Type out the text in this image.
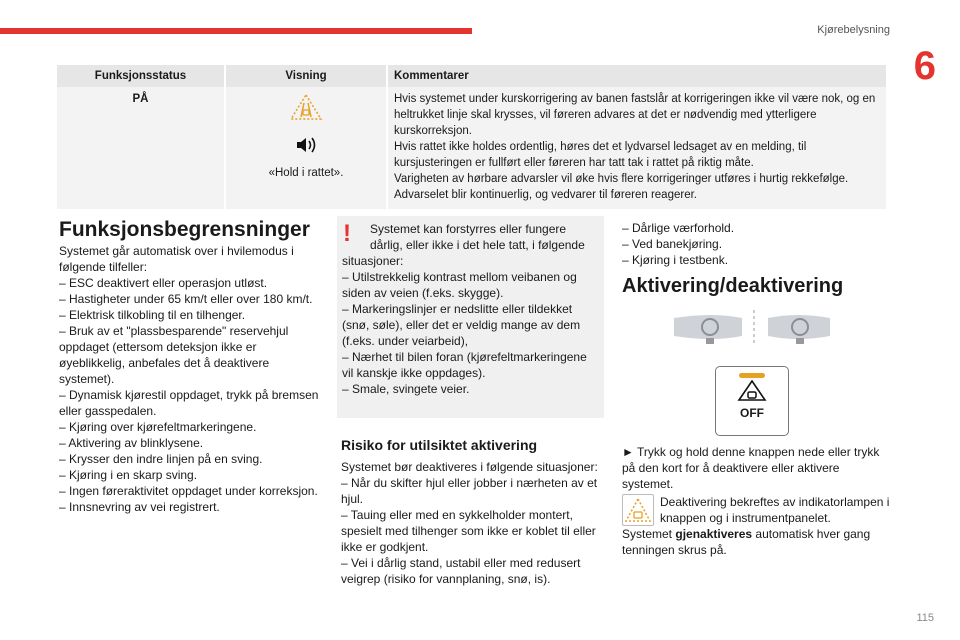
Kjørebelysning
6
115
Funksjonsstatus	Visning	Kommentarer
PÅ	«Hold i rattet».	Hvis systemet under kurskorrigering av banen fastslår at korrigeringen ikke vil være nok, og en heltrukket linje skal krysses, vil føreren advares at det er nødvendig med ytterligere kurskorreksjon.
Hvis rattet ikke holdes ordentlig, høres det et lydvarsel ledsaget av en melding, til kursjusteringen er fullført eller føreren har tatt tak i rattet på riktig måte.
Varigheten av hørbare advarsler vil øke hvis flere korrigeringer utføres i hurtig rekkefølge.
Advarselet blir kontinuerlig, og vedvarer til føreren reagerer.
Funksjonsbegrensninger

Systemet går automatisk over i hvilemodus i følgende tilfeller:
– ESC deaktivert eller operasjon utløst.
– Hastigheter under 65 km/t eller over 180 km/t.
– Elektrisk tilkobling til en tilhenger.
– Bruk av et "plassbesparende" reservehjul oppdaget (ettersom deteksjon ikke er øyeblikkelig, anbefales det å deaktivere systemet).
– Dynamisk kjørestil oppdaget, trykk på bremsen eller gasspedalen.
– Kjøring over kjørefeltmarkeringene.
– Aktivering av blinklysene.
– Krysser den indre linjen på en sving.
– Kjøring i en skarp sving.
– Ingen føreraktivitet oppdaget under korreksjon.
– Innsnevring av vei registrert.

!	Systemet kan forstyrres eller fungere dårlig, eller ikke i det hele tatt, i følgende situasjoner:
– Utilstrekkelig kontrast mellom veibanen og siden av veien (f.eks. skygge).
– Markeringslinjer er nedslitte eller tildekket (snø, søle), eller det er veldig mange av dem (f.eks. under veiarbeid),
– Nærhet til bilen foran (kjørefeltmarkeringene vil kanskje ikke oppdages).
– Smale, svingete veier.
Risiko for utilsiktet aktivering

Systemet bør deaktiveres i følgende situasjoner:
– Når du skifter hjul eller jobber i nærheten av et hjul.
– Tauing eller med en sykkelholder montert, spesielt med tilhenger som ikke er koblet til eller ikke er godkjent.
– Vei i dårlig stand, ustabil eller med redusert veigrep (risiko for vannplaning, snø, is).

– Dårlige værforhold.
– Ved banekjøring.
– Kjøring i testbenk.

Aktivering/deaktivering
OFF

► Trykk og hold denne knappen nede eller trykk på den kort for å deaktivere eller aktivere systemet.

Deaktivering bekreftes av indikatorlampen i knappen og i instrumentpanelet.

Systemet gjenaktiveres automatisk hver gang tenningen skrus på.
